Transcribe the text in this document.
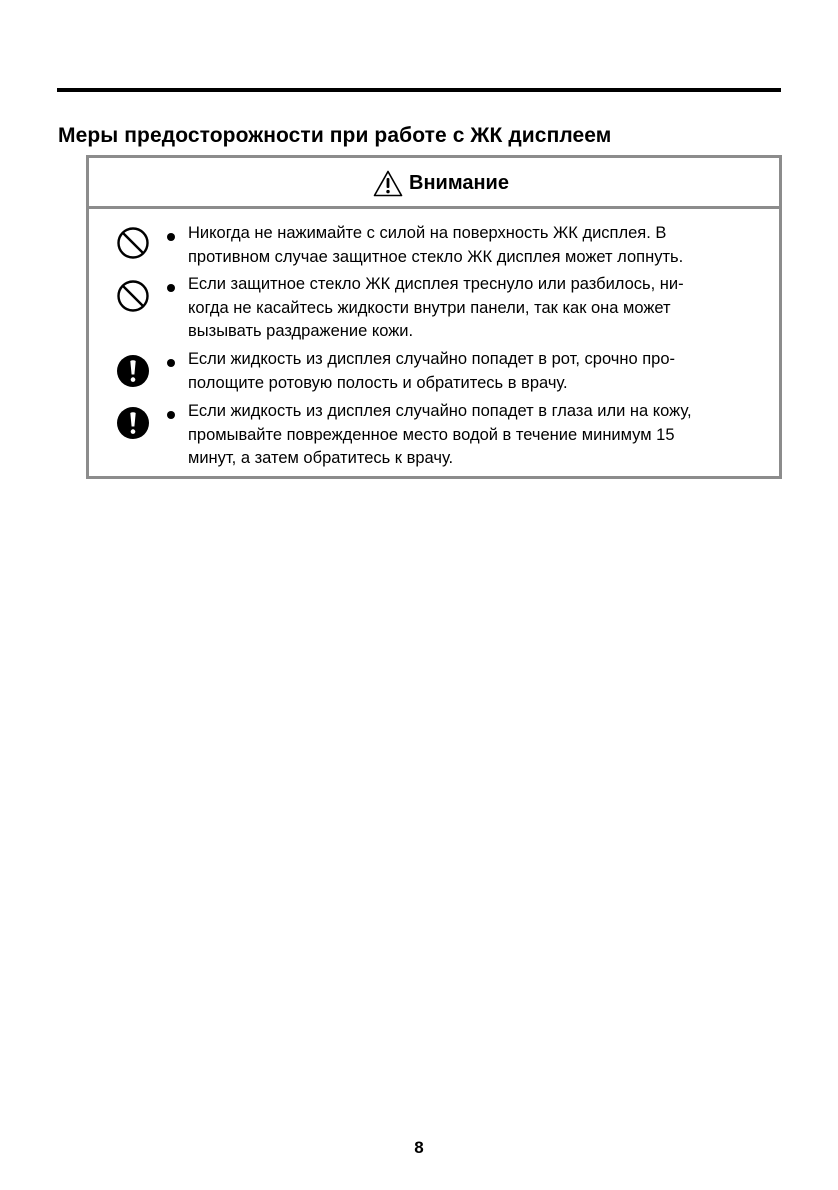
Меры предосторожности при работе с ЖК дисплеем
Внимание
Никогда не нажимайте с силой на поверхность ЖК дисплея. В
противном случае защитное стекло ЖК дисплея может лопнуть.
Если защитное стекло ЖК дисплея треснуло или разбилось, ни-
когда не касайтесь жидкости внутри панели, так как она может
вызывать раздражение кожи.
Если жидкость из дисплея случайно попадет в рот, срочно про-
полощите ротовую полость и обратитесь в врачу.
Если жидкость из дисплея случайно попадет в глаза или на кожу,
промывайте поврежденное место водой в течение минимум 15
минут, а затем обратитесь к врачу.
8
